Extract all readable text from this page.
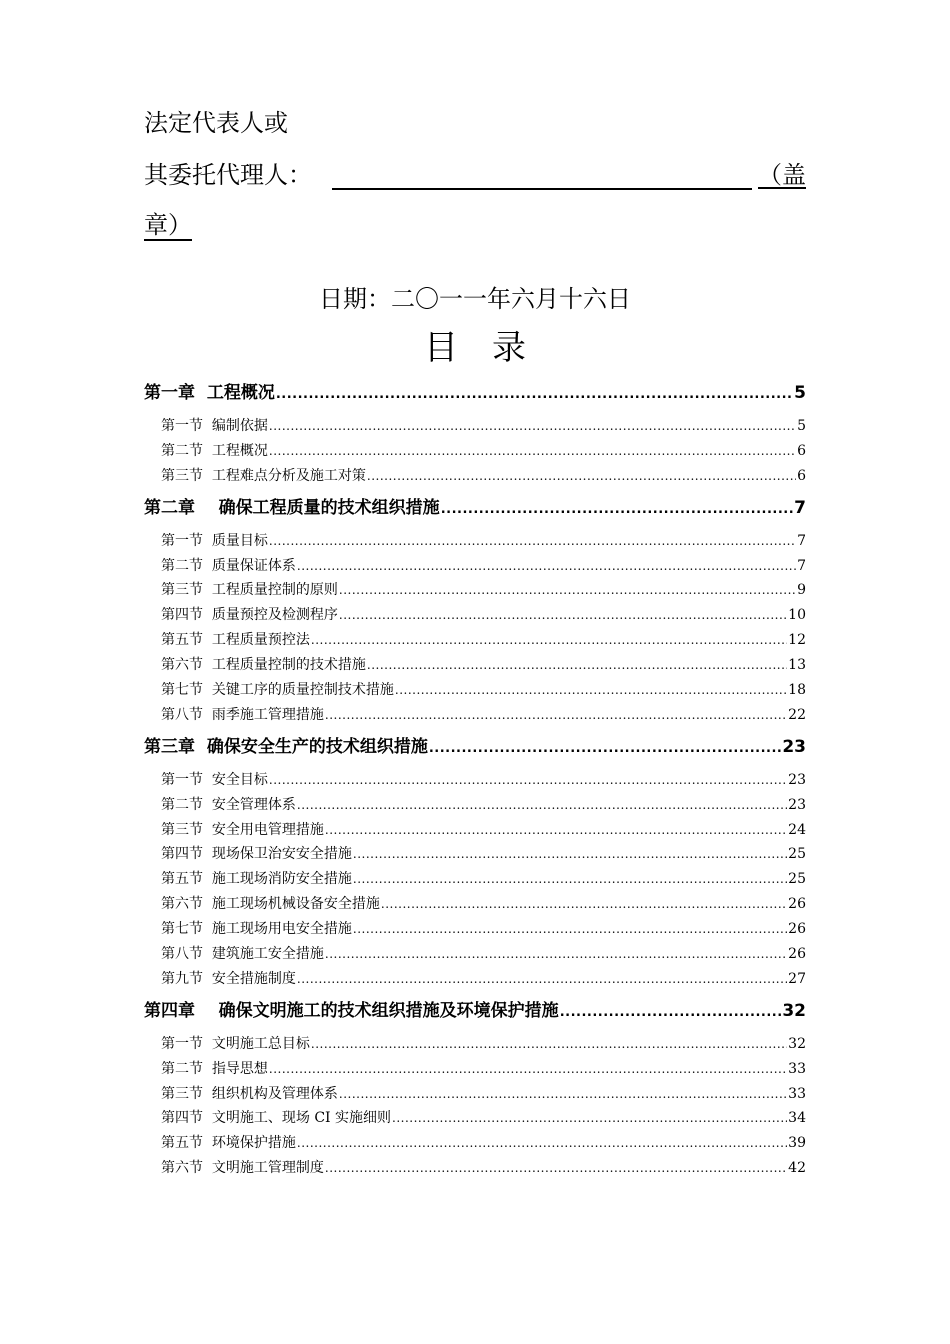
法定代表人或
其委托代理人：	（盖
章）
日期：二〇一一年六月十六日
目录
第一章  工程概况 .....	5
第一节  编制依据 .....	5
第二节  工程概况 .....	6
第三节  工程难点分析及施工对策 .....	6
第二章    确保工程质量的技术组织措施 .....	7
第一节  质量目标 .....	7
第二节  质量保证体系 .....	7
第三节  工程质量控制的原则 .....	9
第四节  质量预控及检测程序 .....	10
第五节  工程质量预控法 .....	12
第六节  工程质量控制的技术措施 .....	13
第七节  关键工序的质量控制技术措施 .....	18
第八节  雨季施工管理措施 .....	22
第三章  确保安全生产的技术组织措施 .....	23
第一节  安全目标 .....	23
第二节  安全管理体系 .....	23
第三节  安全用电管理措施 .....	24
第四节  现场保卫治安安全措施 .....	25
第五节  施工现场消防安全措施 .....	25
第六节  施工现场机械设备安全措施 .....	26
第七节  施工现场用电安全措施 .....	26
第八节  建筑施工安全措施 .....	26
第九节  安全措施制度 .....	27
第四章    确保文明施工的技术组织措施及环境保护措施 .....	32
第一节  文明施工总目标 .....	32
第二节  指导思想 .....	33
第三节  组织机构及管理体系 .....	33
第四节  文明施工、现场 CI 实施细则 .....	34
第五节  环境保护措施 .....	39
第六节  文明施工管理制度 .....	42
